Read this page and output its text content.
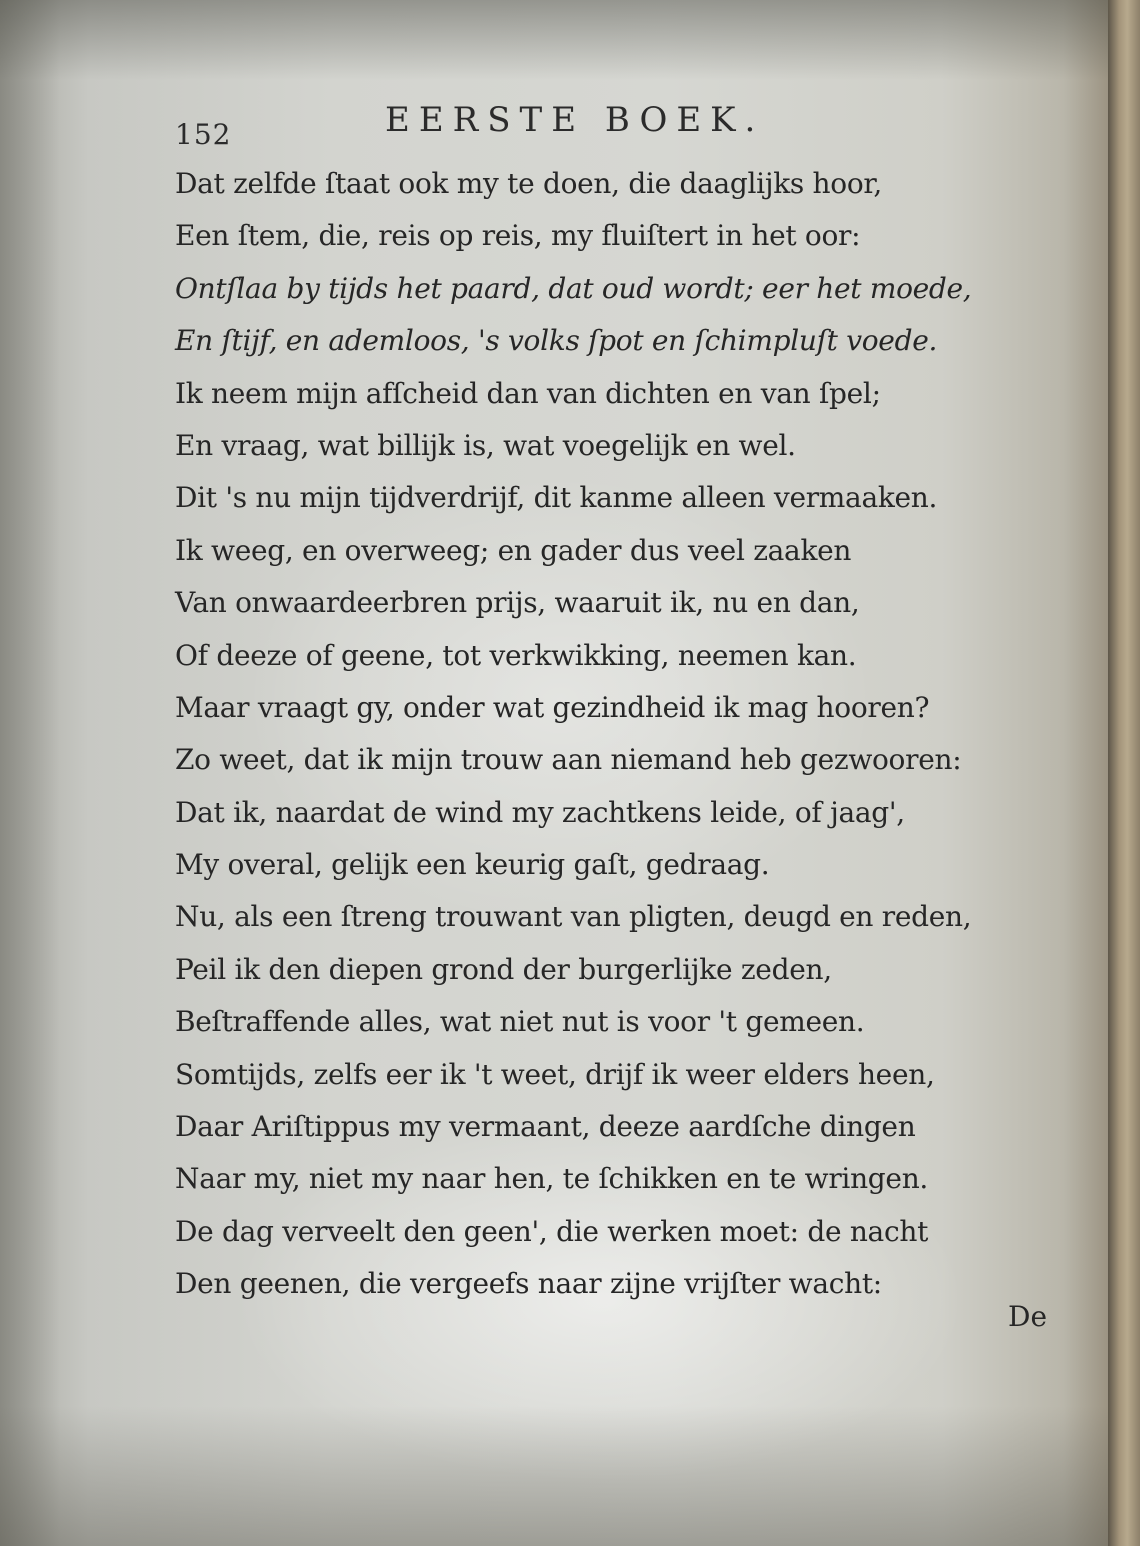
152	EERSTE BOEK.
Dat zelfde ſtaat ook my te doen, die daaglijks hoor,
Een ſtem, die, reis op reis, my fluiſtert in het oor:
Ontſlaa by tijds het paard, dat oud wordt; eer het moede,
En ſtijf, en ademloos, 's volks ſpot en ſchimpluſt voede.
Ik neem mijn afſcheid dan van dichten en van ſpel;
En vraag, wat billijk is, wat voegelijk en wel.
Dit 's nu mijn tijdverdrijf, dit kanme alleen vermaaken.
Ik weeg, en overweeg; en gader dus veel zaaken
Van onwaardeerbren prijs, waaruit ik, nu en dan,
Of deeze of geene, tot verkwikking, neemen kan.
Maar vraagt gy, onder wat gezindheid ik mag hooren?
Zo weet, dat ik mijn trouw aan niemand heb gezwooren:
Dat ik, naardat de wind my zachtkens leide, of jaag',
My overal, gelijk een keurig gaſt, gedraag.
Nu, als een ſtreng trouwant van pligten, deugd en reden,
Peil ik den diepen grond der burgerlijke zeden,
Beſtraffende alles, wat niet nut is voor 't gemeen.
Somtijds, zelfs eer ik 't weet, drijf ik weer elders heen,
Daar Ariſtippus my vermaant, deeze aardſche dingen
Naar my, niet my naar hen, te ſchikken en te wringen.
De dag verveelt den geen', die werken moet: de nacht
Den geenen, die vergeefs naar zijne vrijſter wacht:
De
